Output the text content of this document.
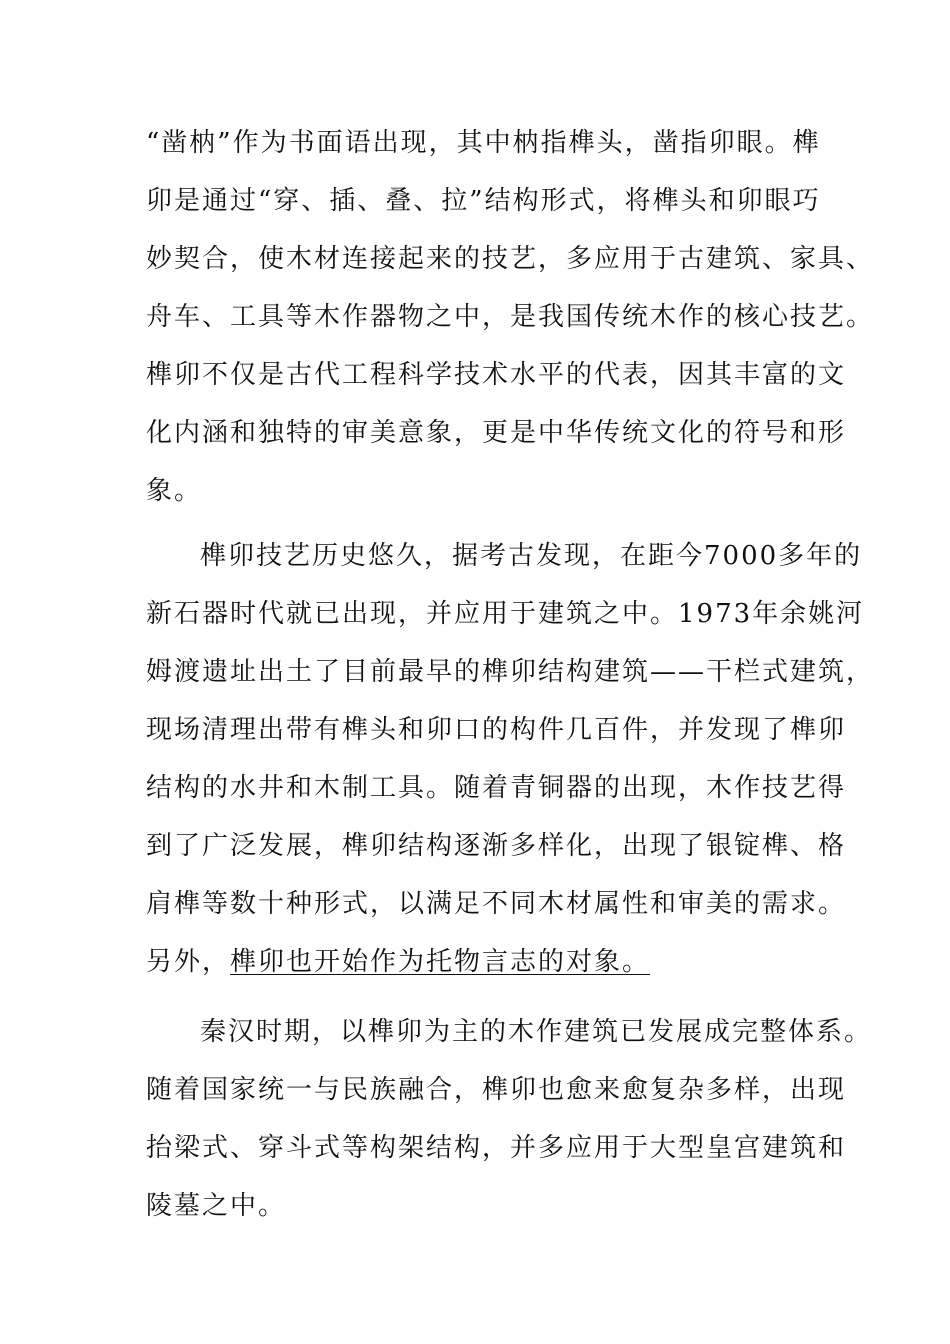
“凿枘”作为书面语出现，其中枘指榫头，凿指卯眼。榫
卯是通过“穿、插、叠、拉”结构形式，将榫头和卯眼巧
妙契合，使木材连接起来的技艺，多应用于古建筑、家具、
舟车、工具等木作器物之中，是我国传统木作的核心技艺。
榫卯不仅是古代工程科学技术水平的代表，因其丰富的文
化内涵和独特的审美意象，更是中华传统文化的符号和形
象。
榫卯技艺历史悠久，据考古发现，在距今7000多年的
新石器时代就已出现，并应用于建筑之中。1973年余姚河
姆渡遗址出土了目前最早的榫卯结构建筑——干栏式建筑，
现场清理出带有榫头和卯口的构件几百件，并发现了榫卯
结构的水井和木制工具。随着青铜器的出现，木作技艺得
到了广泛发展，榫卯结构逐渐多样化，出现了银锭榫、格
肩榫等数十种形式，以满足不同木材属性和审美的需求。
另外，榫卯也开始作为托物言志的对象。
秦汉时期，以榫卯为主的木作建筑已发展成完整体系。
随着国家统一与民族融合，榫卯也愈来愈复杂多样，出现
抬梁式、穿斗式等构架结构，并多应用于大型皇宫建筑和
陵墓之中。
